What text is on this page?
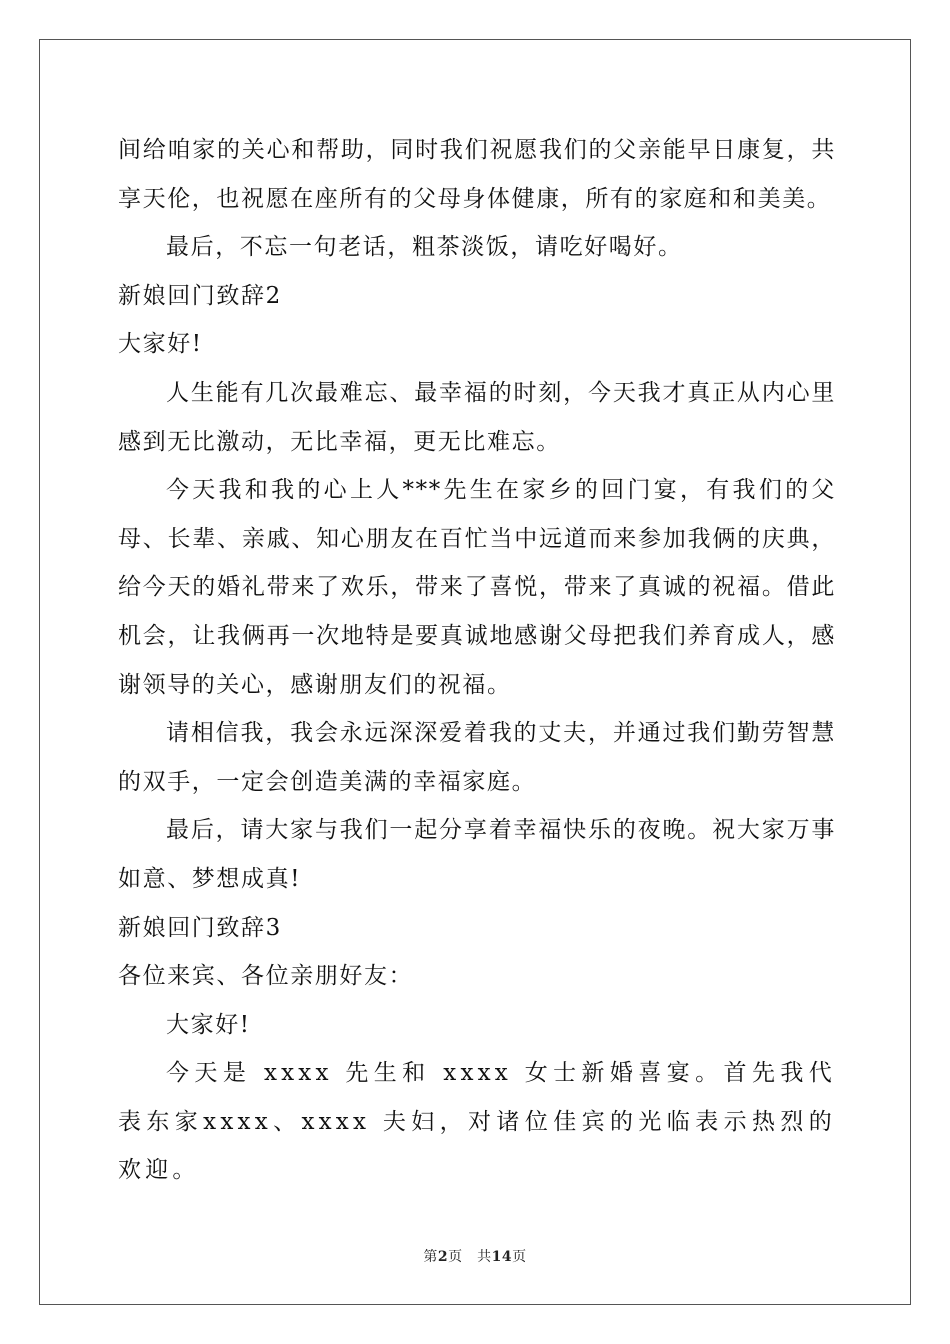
间给咱家的关心和帮助，同时我们祝愿我们的父亲能早日康复，共享天伦，也祝愿在座所有的父母身体健康，所有的家庭和和美美。

最后，不忘一句老话，粗茶淡饭，请吃好喝好。

新娘回门致辞2

大家好!

人生能有几次最难忘、最幸福的时刻，今天我才真正从内心里感到无比激动，无比幸福，更无比难忘。

今天我和我的心上人***先生在家乡的回门宴，有我们的父母、长辈、亲戚、知心朋友在百忙当中远道而来参加我俩的庆典，给今天的婚礼带来了欢乐，带来了喜悦，带来了真诚的祝福。借此机会，让我俩再一次地特是要真诚地感谢父母把我们养育成人，感谢领导的关心，感谢朋友们的祝福。

请相信我，我会永远深深爱着我的丈夫，并通过我们勤劳智慧的双手，一定会创造美满的幸福家庭。

最后，请大家与我们一起分享着幸福快乐的夜晚。祝大家万事如意、梦想成真!

新娘回门致辞3

各位来宾、各位亲朋好友：

大家好!

今天是 xxxx 先生和 xxxx 女士新婚喜宴。首先我代表东家xxxx、xxxx 夫妇，对诸位佳宾的光临表示热烈的欢迎。

第2页　共14页
